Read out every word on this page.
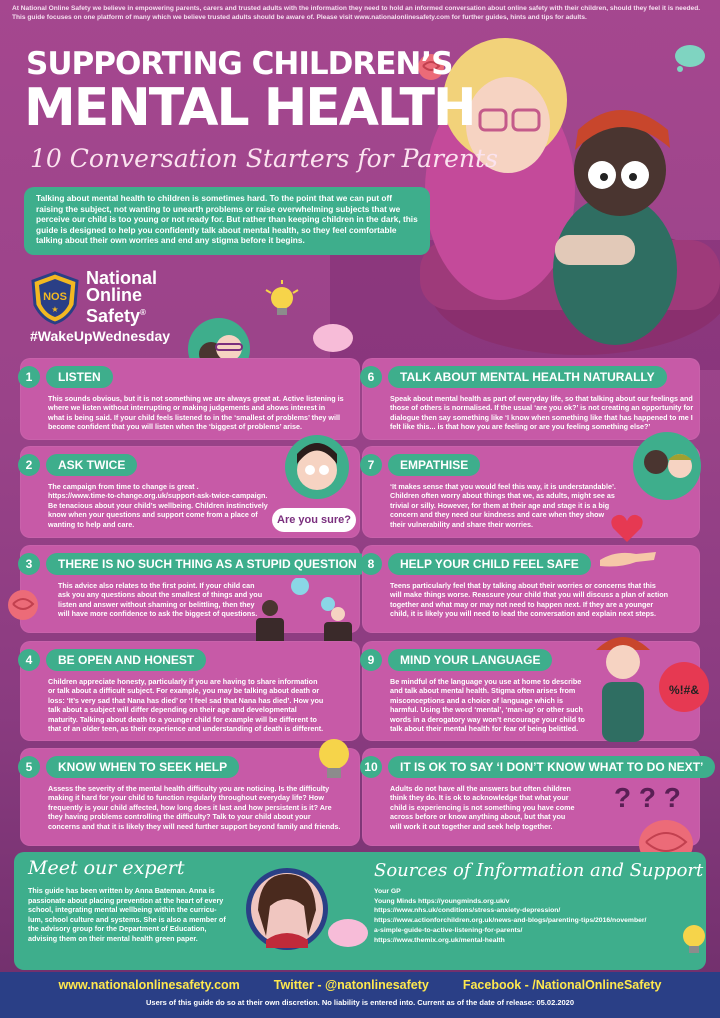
At National Online Safety we believe in empowering parents, carers and trusted adults with the information they need to hold an informed conversation about online safety with their children, should they feel it is needed. This guide focuses on one platform of many which we believe trusted adults should be aware of. Please visit www.nationalonlinesafety.com for further guides, hints and tips for adults.
SUPPORTING CHILDREN’S
MENTAL HEALTH
10 Conversation Starters for Parents
Talking about mental health to children is sometimes hard. To the point that we can put off raising the subject, not wanting to unearth problems or raise overwhelming subjects that we perceive our child is too young or not ready for. But rather than keeping children in the dark, this guide is designed to help you confidently talk about mental health, so they feel comfortable talking about their own worries and end any stigma before it begins.
NOS
★
National
Online
Safety®
#WakeUpWednesday
1	LISTEN
This sounds obvious, but it is not something we are always great at. Active listening is
where we listen without interrupting or making judgements and shows interest in
what is being said. If your child feels listened to in the ‘smallest of problems’ they will
become confident that you will listen when the ‘biggest of problems’ arise.
2	ASK TWICE
The campaign from time to change is great .
https://www.time-to-change.org.uk/support-ask-twice-campaign.
Be tenacious about your child’s wellbeing. Children instinctively
know when your questions and support come from a place of
wanting to help and care.	Are you sure?
3	THERE IS NO SUCH THING AS A STUPID QUESTION
This advice also relates to the first point. If your child can
ask you any questions about the smallest of things and you
listen and answer without shaming or belittling, then they
will have more confidence to ask the biggest of questions.
4	BE OPEN AND HONEST
Children appreciate honesty, particularly if you are having to share information
or talk about a difficult subject. For example, you may be talking about death or
loss: ‘It’s very sad that Nana has died’ or ‘I feel sad that Nana has died’. How you
talk about a subject will differ depending on their age and developmental
maturity. Talking about death to a younger child for example will be different to
that of an older teen, as their experience and understanding of death is different.
5	KNOW WHEN TO SEEK HELP
Assess the severity of the mental health difficulty you are noticing. Is the difficulty
making it hard for your child to function regularly throughout everyday life? How
frequently is your child affected, how long does it last and how persistent is it? Are
they having problems controlling the difficulty? Talk to your child about your
concerns and that it is likely they will need further support beyond family and friends.
6	TALK ABOUT MENTAL HEALTH NATURALLY
Speak about mental health as part of everyday life, so that talking about our feelings and
those of others is normalised. If the usual ‘are you ok?’ is not creating an opportunity for
dialogue then say something like ‘I know when something like that has happened to me I
felt like this... is that how you are feeling or are you feeling something else?’
7	EMPATHISE
‘It makes sense that you would feel this way, it is understandable’.
Children often worry about things that we, as adults, might see as
trivial or silly. However, for them at their age and stage it is a big
concern and they need our kindness and care when they show
their vulnerability and share their worries.
8	HELP YOUR CHILD FEEL SAFE
Teens particularly feel that by talking about their worries or concerns that this
will make things worse. Reassure your child that you will discuss a plan of action
together and what may or may not need to happen next. If they are a younger
child, it is likely you will need to lead the conversation and explain next steps.
9	MIND YOUR LANGUAGE
Be mindful of the language you use at home to describe
and talk about mental health. Stigma often arises from
misconceptions and a choice of language which is
harmful. Using the word ‘mental’, ‘man-up’ or other such
words in a derogatory way won’t encourage your child to
talk about their mental health for fear of being belittled.
%!#&
10	IT IS OK TO SAY ‘I DON’T KNOW WHAT TO DO NEXT’
Adults do not have all the answers but often children
think they do. It is ok to acknowledge that what your
child is experiencing is not something you have come
across before or know anything about, but that you
will work it out together and seek help together.
? ? ?
Meet our expert
This guide has been written by Anna Bateman. Anna is
passionate about placing prevention at the heart of every
school, integrating mental wellbeing within the curricu-
lum, school culture and systems. She is also a member of
the advisory group for the Department of Education,
advising them on their mental health green paper.
Sources of Information and Support
Your GP
Young Minds https://youngminds.org.uk/v
https://www.nhs.uk/conditions/stress-anxiety-depression/
https://www.actionforchildren.org.uk/news-and-blogs/parenting-tips/2016/november/
a-simple-guide-to-active-listening-for-parents/
https://www.themix.org.uk/mental-health
www.nationalonlinesafety.com	Twitter - @natonlinesafety	Facebook - /NationalOnlineSafety
Users of this guide do so at their own discretion. No liability is entered into. Current as of the date of release: 05.02.2020
